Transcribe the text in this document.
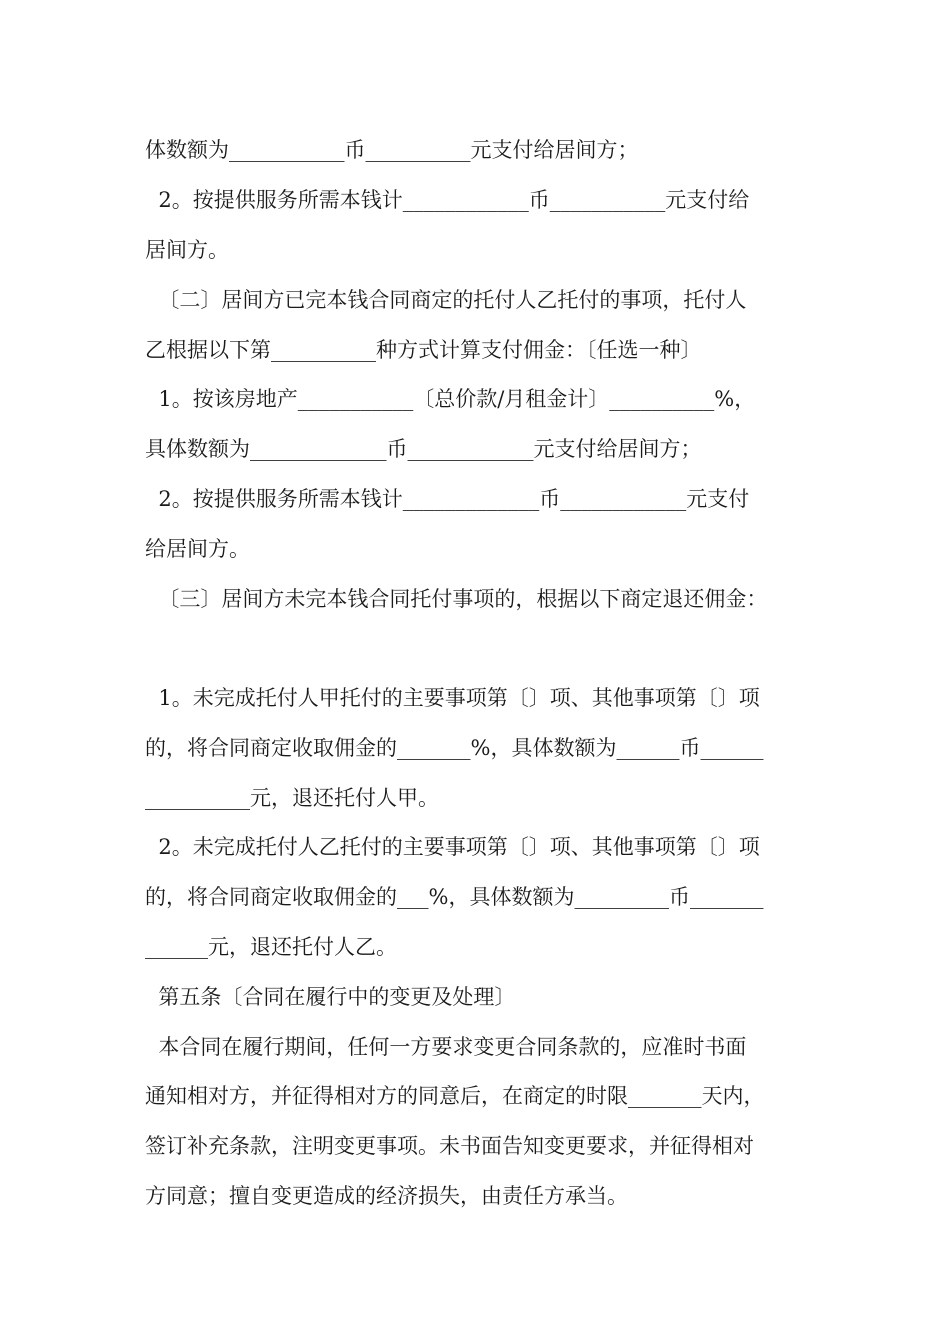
体数额为___________币__________元支付给居间方；
2。按提供服务所需本钱计____________币___________元支付给
居间方。
〔二〕居间方已完本钱合同商定的托付人乙托付的事项，托付人
乙根据以下第__________种方式计算支付佣金：〔任选一种〕
1。按该房地产___________〔总价款/月租金计〕__________%，
具体数额为_____________币____________元支付给居间方；
2。按提供服务所需本钱计_____________币____________元支付
给居间方。
〔三〕居间方未完本钱合同托付事项的，根据以下商定退还佣金：
1。未完成托付人甲托付的主要事项第〔〕项、其他事项第〔〕项
的，将合同商定收取佣金的_______%，具体数额为______币______
__________元，退还托付人甲。
2。未完成托付人乙托付的主要事项第〔〕项、其他事项第〔〕项
的，将合同商定收取佣金的___%，具体数额为_________币_______
______元，退还托付人乙。
第五条〔合同在履行中的变更及处理〕
本合同在履行期间，任何一方要求变更合同条款的，应准时书面
通知相对方，并征得相对方的同意后，在商定的时限_______天内，
签订补充条款，注明变更事项。未书面告知变更要求，并征得相对
方同意；擅自变更造成的经济损失，由责任方承当。
